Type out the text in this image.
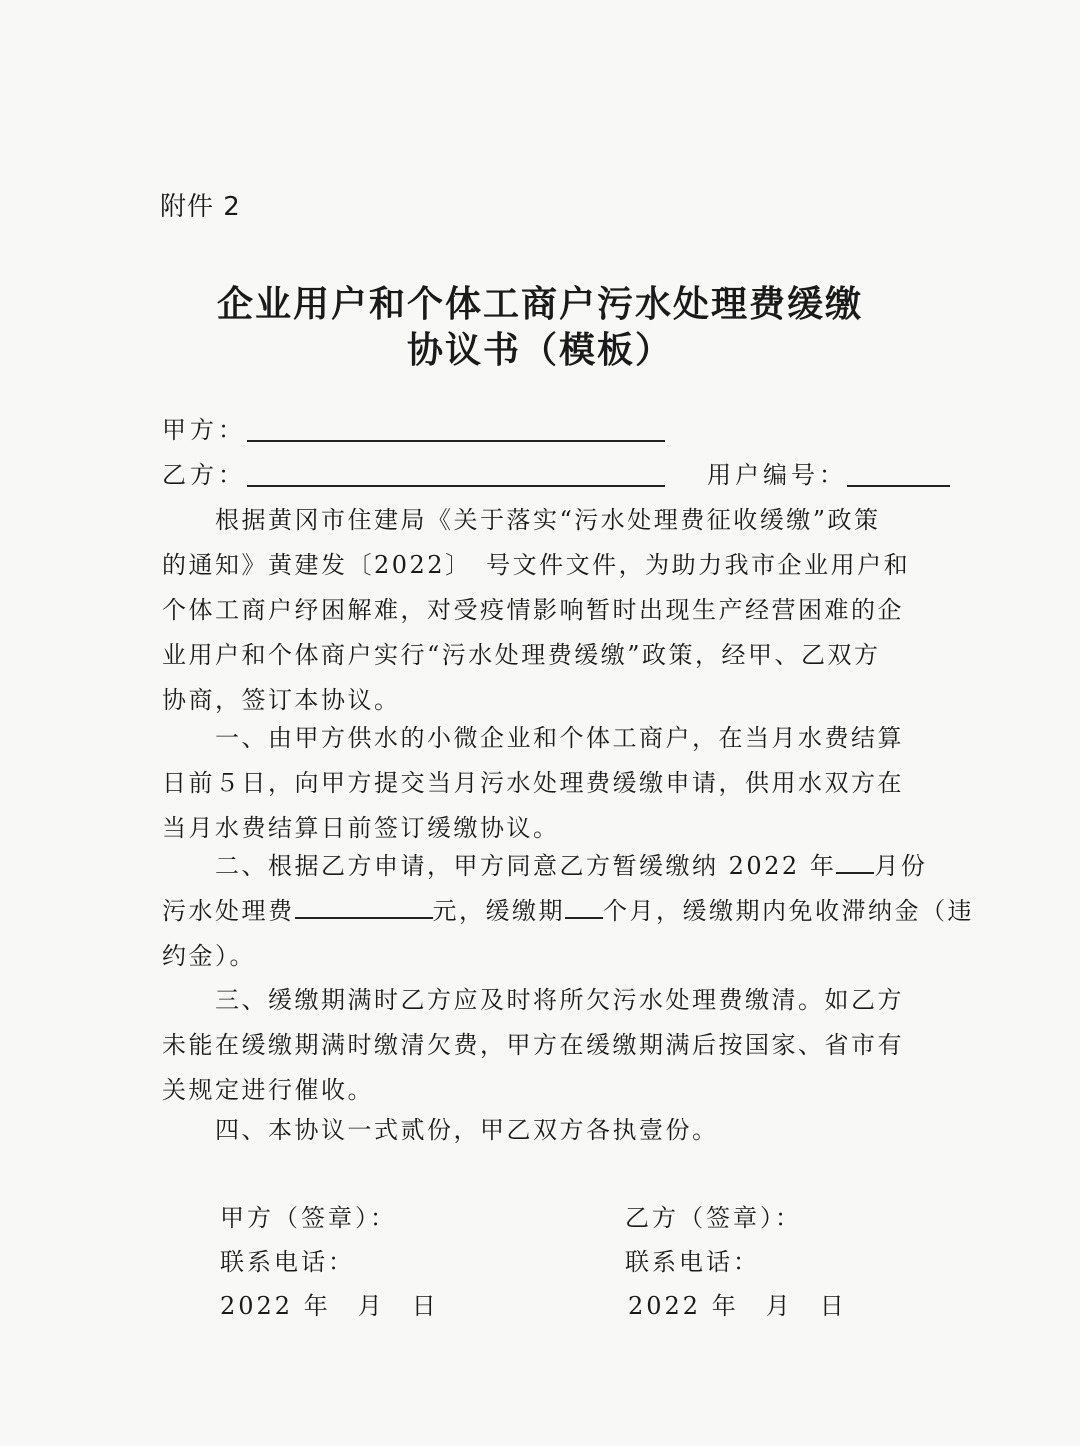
附件 2
企业用户和个体工商户污水处理费缓缴
协议书（模板）
甲方：
乙方：	用户编号：
　　根据黄冈市住建局《关于落实“污水处理费征收缓缴”政策
的通知》黄建发〔2022〕　号文件文件，为助力我市企业用户和
个体工商户纾困解难，对受疫情影响暂时出现生产经营困难的企
业用户和个体商户实行“污水处理费缓缴”政策，经甲、乙双方
协商，签订本协议。
　　一、由甲方供水的小微企业和个体工商户，在当月水费结算
日前５日，向甲方提交当月污水处理费缓缴申请，供用水双方在
当月水费结算日前签订缓缴协议。
　　二、根据乙方申请，甲方同意乙方暂缓缴纳 2022 年 月份
污水处理费	元，缓缴期 个月，缓缴期内免收滞纳金（违
约金）。
　　三、缓缴期满时乙方应及时将所欠污水处理费缴清。如乙方
未能在缓缴期满时缴清欠费，甲方在缓缴期满后按国家、省市有
关规定进行催收。
　　四、本协议一式贰份，甲乙双方各执壹份。
甲方（签章）：
联系电话：
2022 年　月　日
乙方（签章）：
联系电话：
2022 年　月　日
